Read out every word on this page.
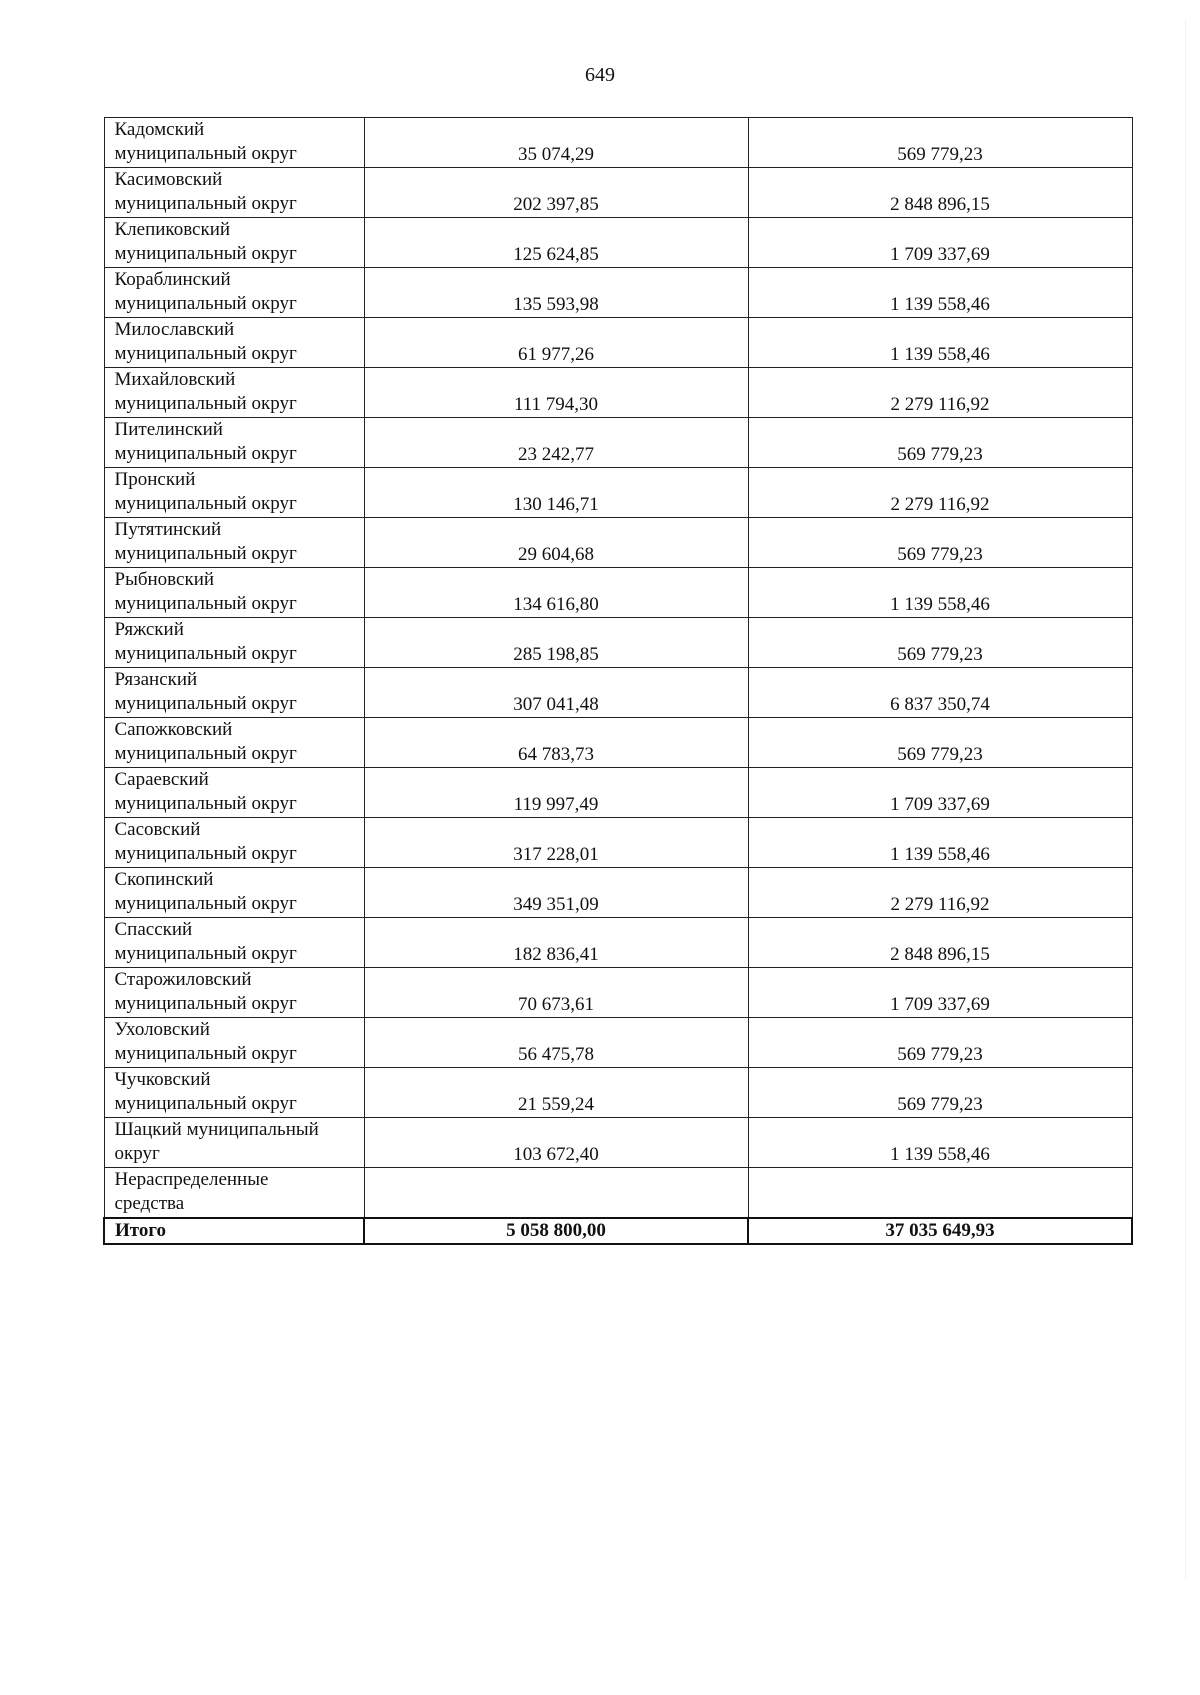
649
Кадомский
муниципальный округ	35 074,29	569 779,23

Касимовский
муниципальный округ	202 397,85	2 848 896,15

Клепиковский
муниципальный округ	125 624,85	1 709 337,69

Кораблинский
муниципальный округ	135 593,98	1 139 558,46

Милославский
муниципальный округ	61 977,26	1 139 558,46

Михайловский
муниципальный округ	111 794,30	2 279 116,92

Пителинский
муниципальный округ	23 242,77	569 779,23

Пронский
муниципальный округ	130 146,71	2 279 116,92

Путятинский
муниципальный округ	29 604,68	569 779,23

Рыбновский
муниципальный округ	134 616,80	1 139 558,46

Ряжский
муниципальный округ	285 198,85	569 779,23

Рязанский
муниципальный округ	307 041,48	6 837 350,74

Сапожковский
муниципальный округ	64 783,73	569 779,23

Сараевский
муниципальный округ	119 997,49	1 709 337,69

Сасовский
муниципальный округ	317 228,01	1 139 558,46

Скопинский
муниципальный округ	349 351,09	2 279 116,92

Спасский
муниципальный округ	182 836,41	2 848 896,15

Старожиловский
муниципальный округ	70 673,61	1 709 337,69

Ухоловский
муниципальный округ	56 475,78	569 779,23

Чучковский
муниципальный округ	21 559,24	569 779,23

Шацкий муниципальный
округ	103 672,40	1 139 558,46

Нераспределенные
средства		

Итого	5 058 800,00	37 035 649,93
